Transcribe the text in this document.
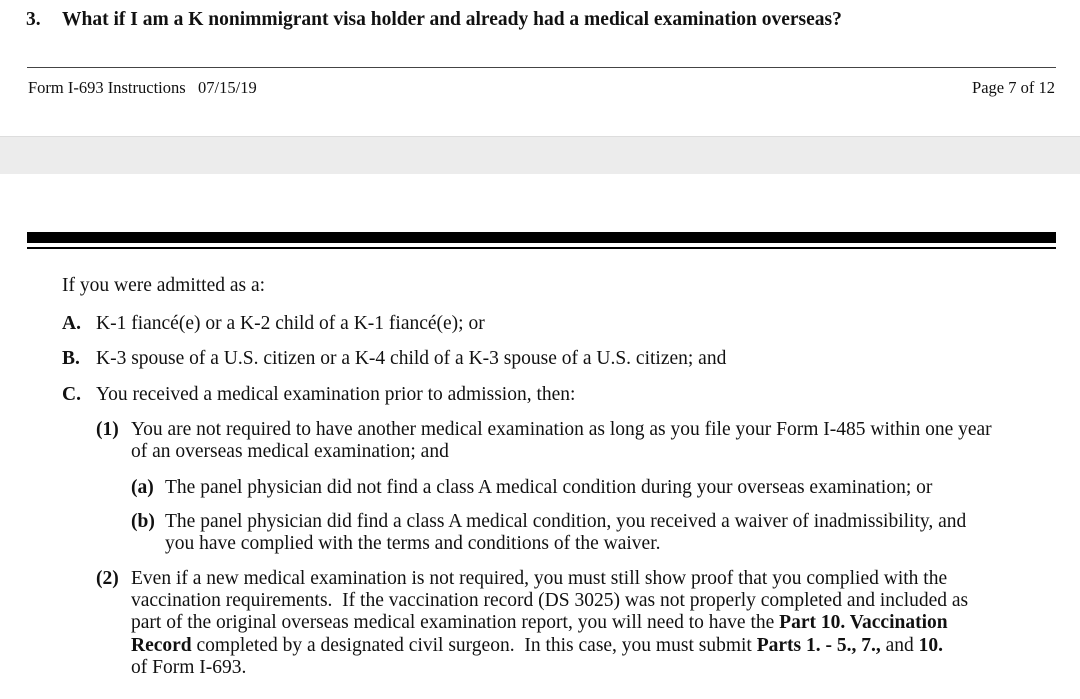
3. What if I am a K nonimmigrant visa holder and already had a medical examination overseas?
Form I-693 Instructions   07/15/19	Page 7 of 12
If you were admitted as a:
A. K-1 fiancé(e) or a K-2 child of a K-1 fiancé(e); or
B. K-3 spouse of a U.S. citizen or a K-4 child of a K-3 spouse of a U.S. citizen; and
C. You received a medical examination prior to admission, then:
(1) You are not required to have another medical examination as long as you file your Form I-485 within one year
of an overseas medical examination; and
(a) The panel physician did not find a class A medical condition during your overseas examination; or
(b) The panel physician did find a class A medical condition, you received a waiver of inadmissibility, and
you have complied with the terms and conditions of the waiver.
(2) Even if a new medical examination is not required, you must still show proof that you complied with the
vaccination requirements.  If the vaccination record (DS 3025) was not properly completed and included as
part of the original overseas medical examination report, you will need to have the Part 10. Vaccination
Record completed by a designated civil surgeon.  In this case, you must submit Parts 1. - 5., 7., and 10.
of Form I-693.
